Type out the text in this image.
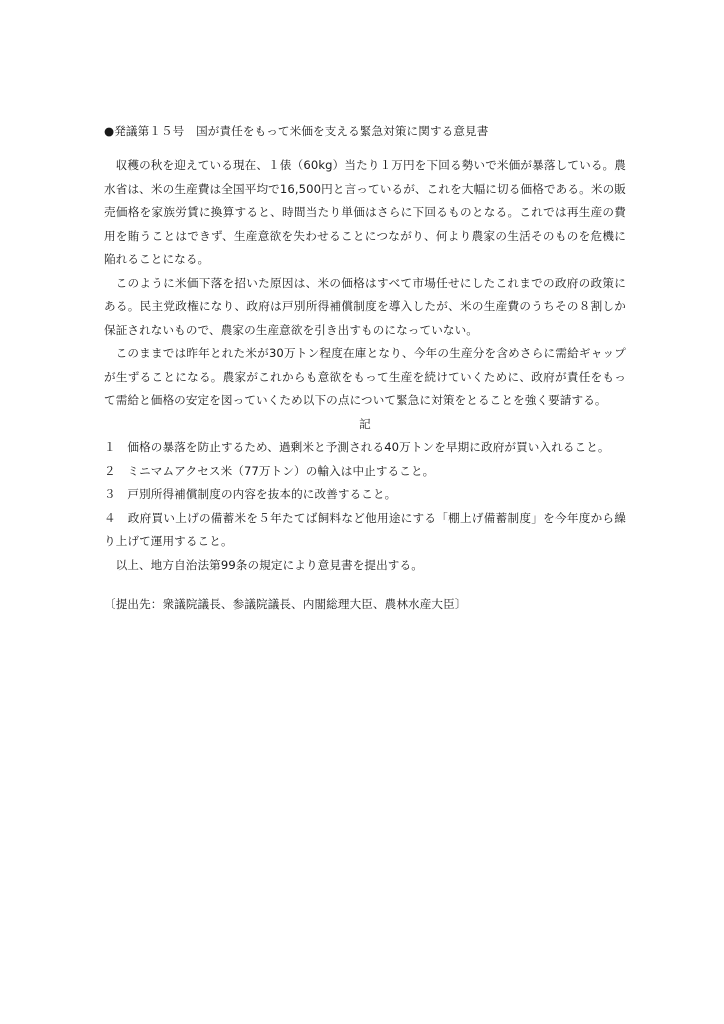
●発議第１５号　国が責任をもって米価を支える緊急対策に関する意見書

収穫の秋を迎えている現在、１俵（60kg）当たり１万円を下回る勢いで米価が暴落している。農水省は、米の生産費は全国平均で16,500円と言っているが、これを大幅に切る価格である。米の販売価格を家族労賃に換算すると、時間当たり単価はさらに下回るものとなる。これでは再生産の費用を賄うことはできず、生産意欲を失わせることにつながり、何より農家の生活そのものを危機に陥れることになる。

このように米価下落を招いた原因は、米の価格はすべて市場任せにしたこれまでの政府の政策にある。民主党政権になり、政府は戸別所得補償制度を導入したが、米の生産費のうちその８割しか保証されないもので、農家の生産意欲を引き出すものになっていない。

このままでは昨年とれた米が30万トン程度在庫となり、今年の生産分を含めさらに需給ギャップが生ずることになる。農家がこれからも意欲をもって生産を続けていくために、政府が責任をもって需給と価格の安定を図っていくため以下の点について緊急に対策をとることを強く要請する。

記

１　価格の暴落を防止するため、過剰米と予測される40万トンを早期に政府が買い入れること。

２　ミニマムアクセス米（77万トン）の輸入は中止すること。

３　戸別所得補償制度の内容を抜本的に改善すること。

４　政府買い上げの備蓄米を５年たてば飼料など他用途にする「棚上げ備蓄制度」を今年度から繰り上げて運用すること。

以上、地方自治法第99条の規定により意見書を提出する。

〔提出先：衆議院議長、参議院議長、内閣総理大臣、農林水産大臣〕
